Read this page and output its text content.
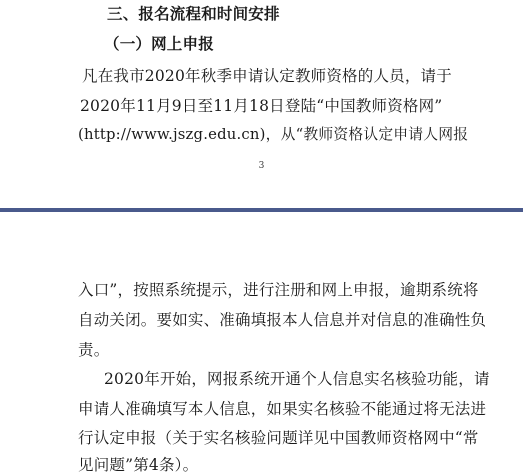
三、报名流程和时间安排
（一）网上申报
凡在我市2020年秋季申请认定教师资格的人员，请于
2020年11月9日至11月18日登陆“中国教师资格网”
(http://www.jszg.edu.cn)，从“教师资格认定申请人网报
3
入口”，按照系统提示，进行注册和网上申报，逾期系统将
自动关闭。要如实、准确填报本人信息并对信息的准确性负
责。
2020年开始，网报系统开通个人信息实名核验功能，请
申请人准确填写本人信息，如果实名核验不能通过将无法进
行认定申报（关于实名核验问题详见中国教师资格网中“常
见问题”第4条）。
